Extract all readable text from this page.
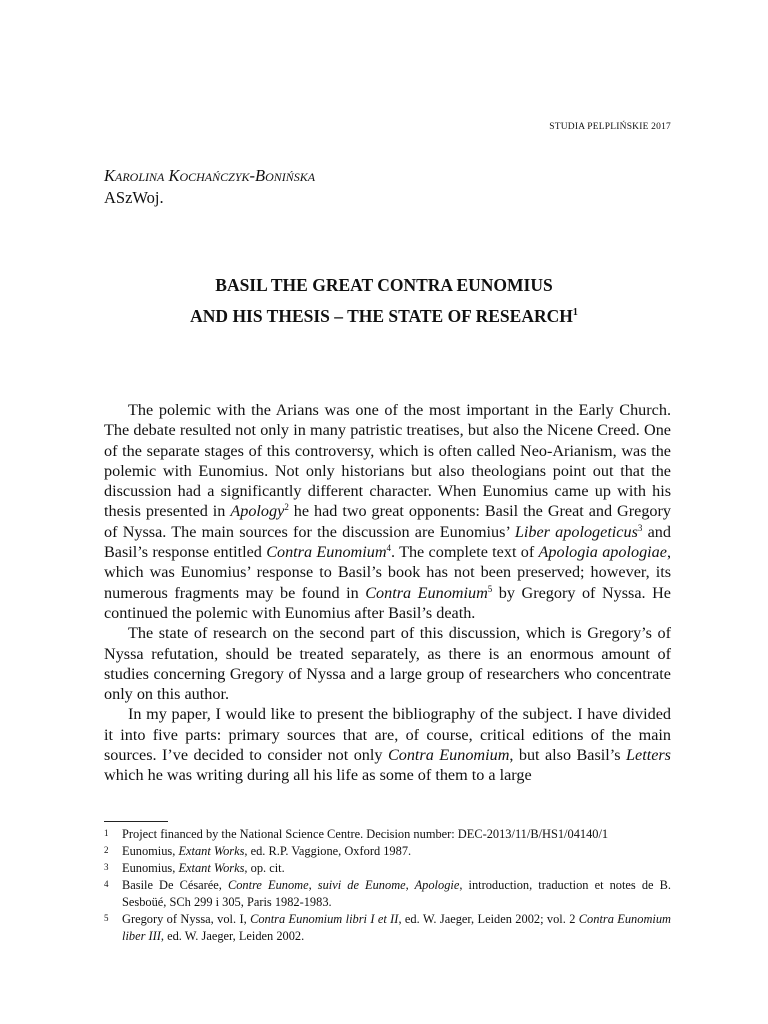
STUDIA PELPLIŃSKIE 2017
Karolina Kochańczyk-Bonińska
ASzWoj.
BASIL THE GREAT CONTRA EUNOMIUS
AND HIS THESIS – THE STATE OF RESEARCH$^1$

The polemic with the Arians was one of the most important in the Early Church. The debate resulted not only in many patristic treatises, but also the Nicene Creed. One of the separate stages of this controversy, which is often called Neo-Arianism, was the polemic with Eunomius. Not only historians but also theologians point out that the discussion had a significantly different character. When Eunomius came up with his thesis presented in Apology$^2$ he had two great opponents: Basil the Great and Gregory of Nyssa. The main sources for the discussion are Eunomius’ Liber apologeticus$^3$ and Basil’s response entitled Contra Eunomium$^4$. The complete text of Apologia apologiae, which was Eunomius’ response to Basil’s book has not been preserved; however, its numerous fragments may be found in Contra Eunomium$^5$ by Gregory of Nyssa. He continued the polemic with Eunomius after Basil’s death.

The state of research on the second part of this discussion, which is Gregory’s of Nyssa refutation, should be treated separately, as there is an enormous amount of studies concerning Gregory of Nyssa and a large group of researchers who concentrate only on this author.

In my paper, I would like to present the bibliography of the subject. I have divided it into five parts: primary sources that are, of course, critical editions of the main sources. I’ve decided to consider not only Contra Eunomium, but also Basil’s Letters which he was writing during all his life as some of them to a large

1	Project financed by the National Science Centre. Decision number: DEC-2013/11/B/HS1/04140/1
2	Eunomius, Extant Works, ed. R.P. Vaggione, Oxford 1987.
3	Eunomius, Extant Works, op. cit.
4	Basile De Césarée, Contre Eunome, suivi de Eunome, Apologie, introduction, traduction et notes de B. Sesboüé, SCh 299 i 305, Paris 1982-1983.
5	Gregory of Nyssa, vol. I, Contra Eunomium libri I et II, ed. W. Jaeger, Leiden 2002; vol. 2 Contra Eunomium liber III, ed. W. Jaeger, Leiden 2002.
